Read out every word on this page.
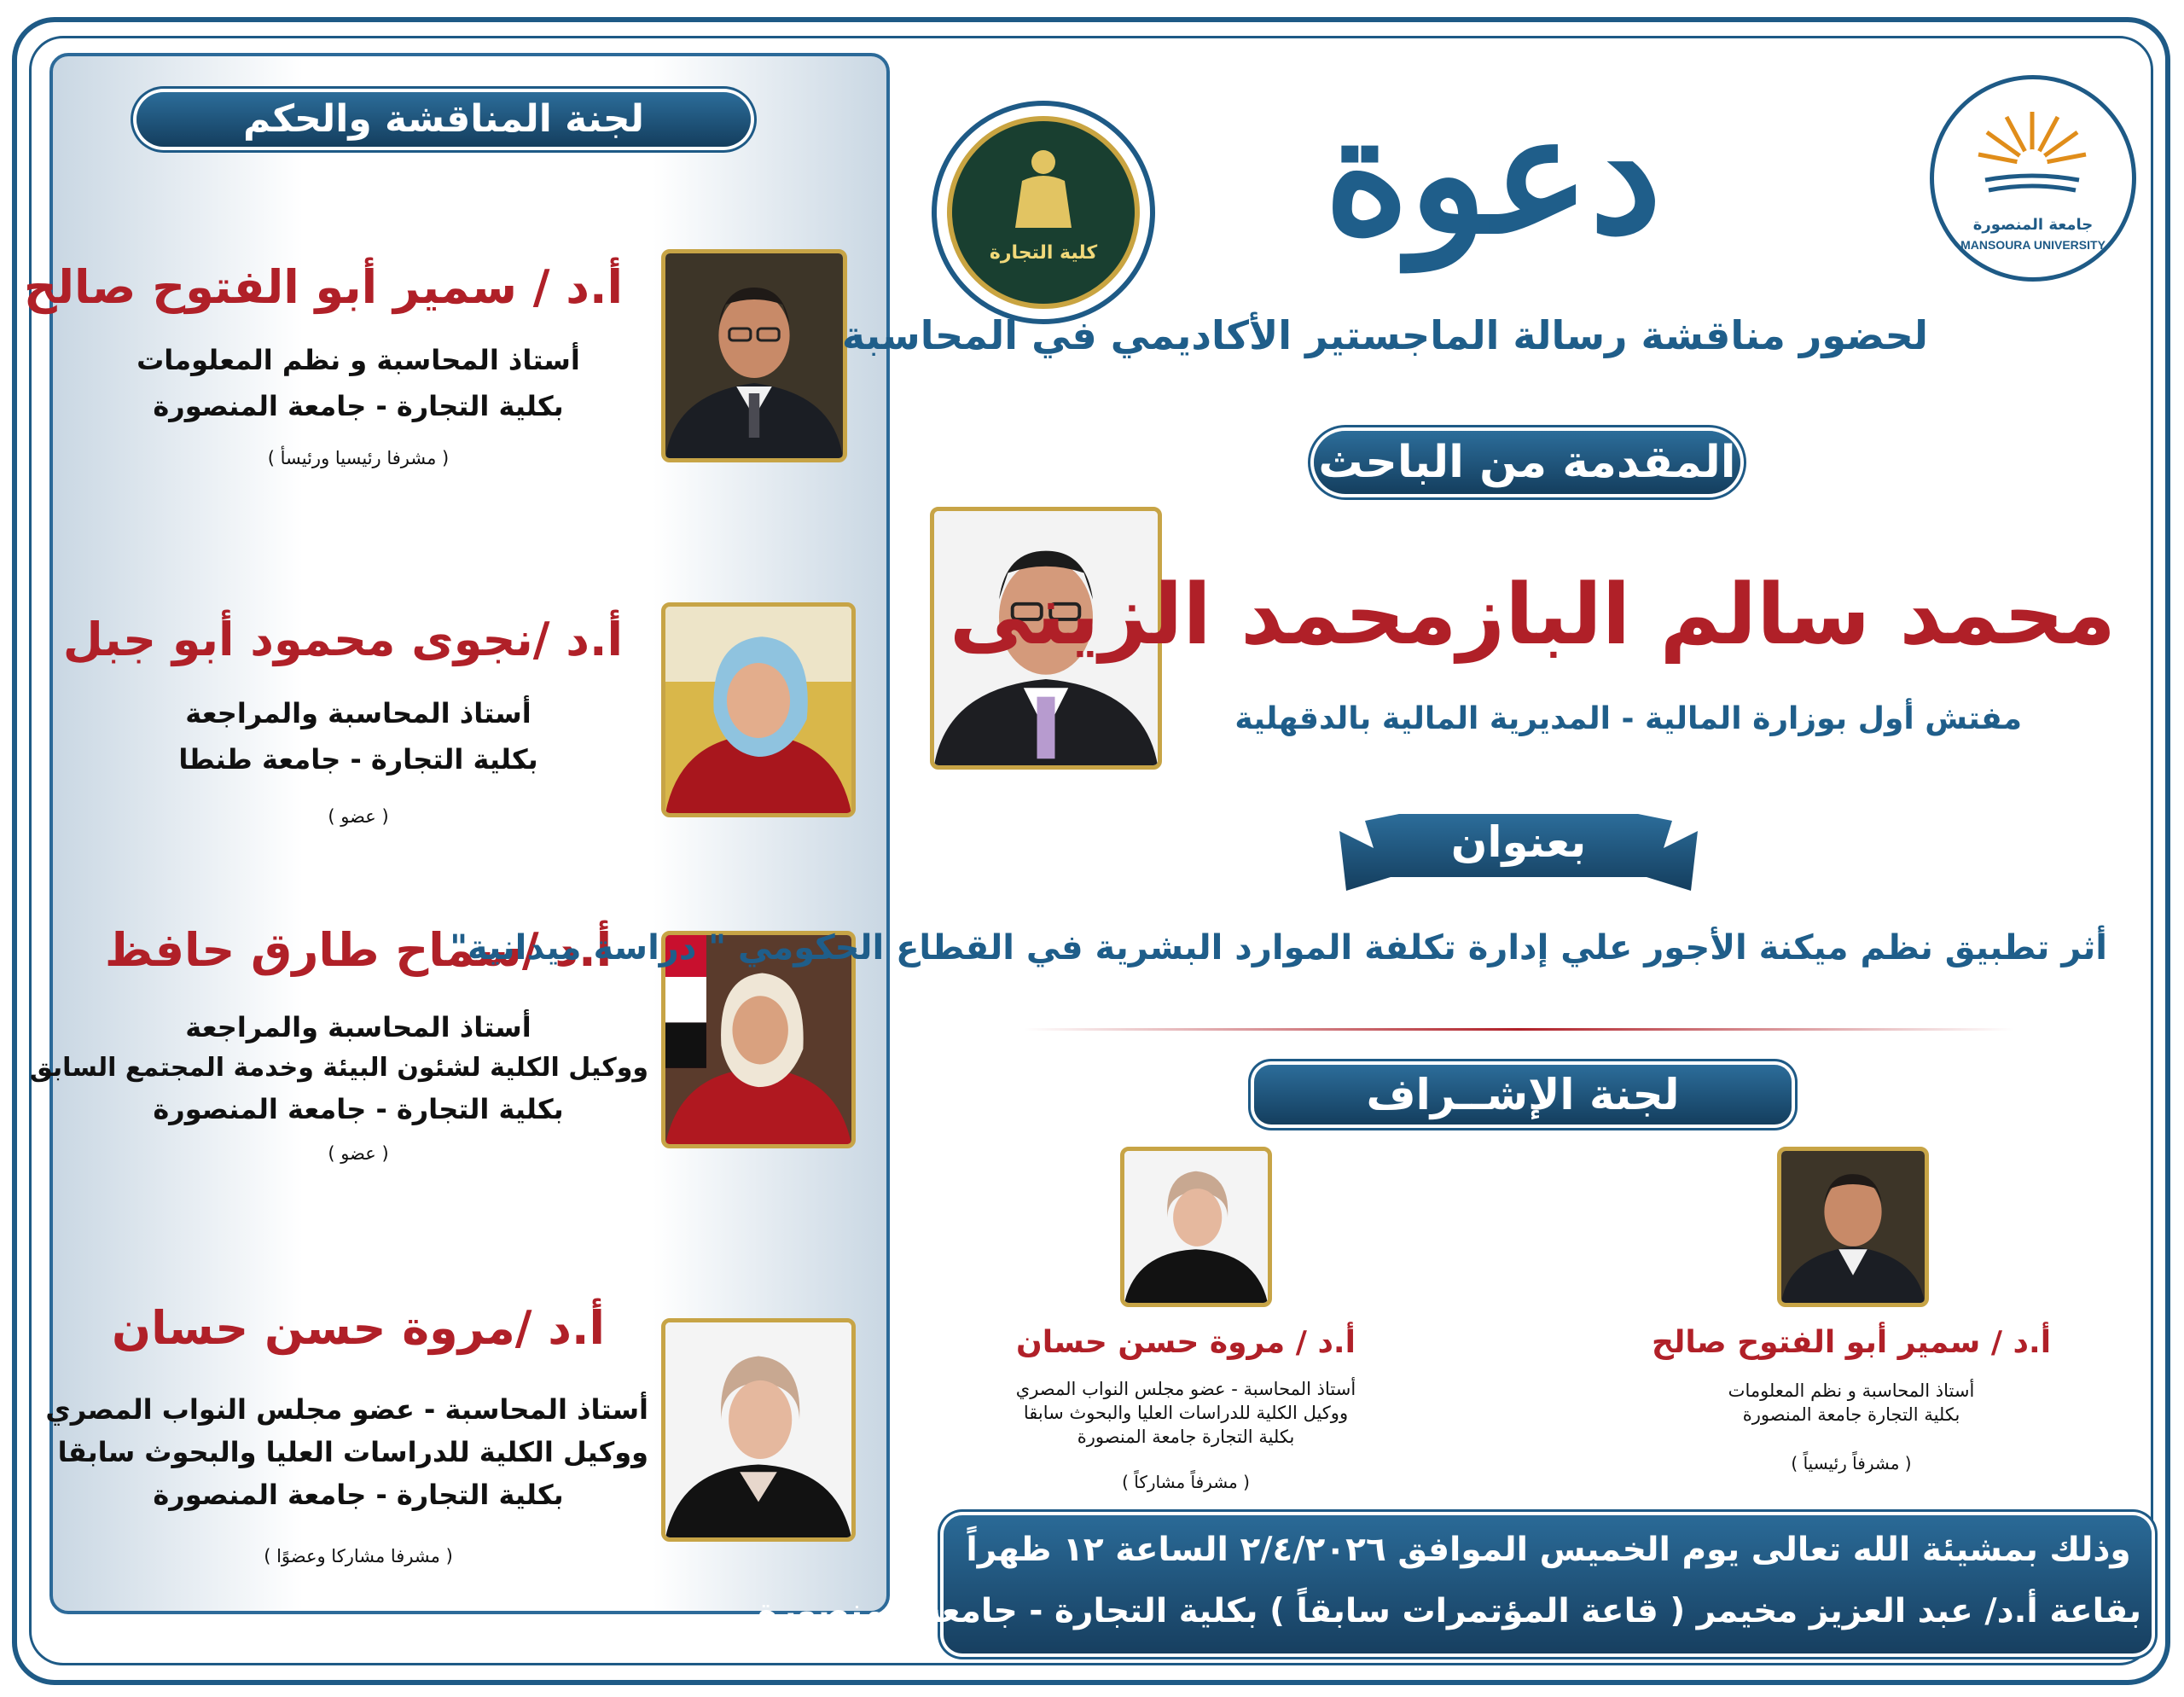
لجنة المناقشة والحكم
أ.د / سمير أبو الفتوح صالح
أستاذ المحاسبة و نظم المعلومات
بكلية التجارة - جامعة المنصورة
( مشرفا رئيسيا ورئيسأ )
أ.د /نجوى محمود أبو جبل
أستاذ المحاسبة والمراجعة
بكلية التجارة - جامعة طنطا
( عضو )
أ.د /سماح طارق حافظ
أستاذ المحاسبة والمراجعة
ووكيل الكلية لشئون البيئة وخدمة المجتمع السابق
بكلية التجارة - جامعة المنصورة
( عضو )
أ.د /مروة حسن حسان
أستاذ المحاسبة - عضو مجلس النواب المصري
ووكيل الكلية للدراسات العليا والبحوث سابقا
بكلية التجارة - جامعة المنصورة
( مشرفا مشاركا وعضوًا )
كلية التجارة
جامعة المنصورة
MANSOURA UNIVERSITY
دعوة
لحضور مناقشة رسالة الماجستير الأكاديمي في المحاسبة
المقدمة من الباحث
محمد سالم البازمحمد الزينى
مفتش أول بوزارة المالية - المديرية المالية بالدقهلية
بعنوان
أثر تطبيق نظم ميكنة الأجور علي إدارة تكلفة الموارد البشرية في القطاع الحكومي " دراسة ميدانية"
لجنة الإشــراف
أ.د / سمير أبو الفتوح صالح
أستاذ المحاسبة و نظم المعلومات
بكلية التجارة جامعة المنصورة
( مشرفاً رئيسياً )
أ.د / مروة حسن حسان
أستاذ المحاسبة - عضو مجلس النواب المصري
ووكيل الكلية للدراسات العليا والبحوث سابقا
بكلية التجارة جامعة المنصورة
( مشرفاً مشاركاً )
وذلك بمشيئة الله تعالى يوم الخميس الموافق ٢/٤/٢٠٢٦ الساعة ١٢ ظهراً
بقاعة أ.د/ عبد العزيز مخيمر ( قاعة المؤتمرات سابقاً ) بكلية التجارة - جامعة المنصورة
